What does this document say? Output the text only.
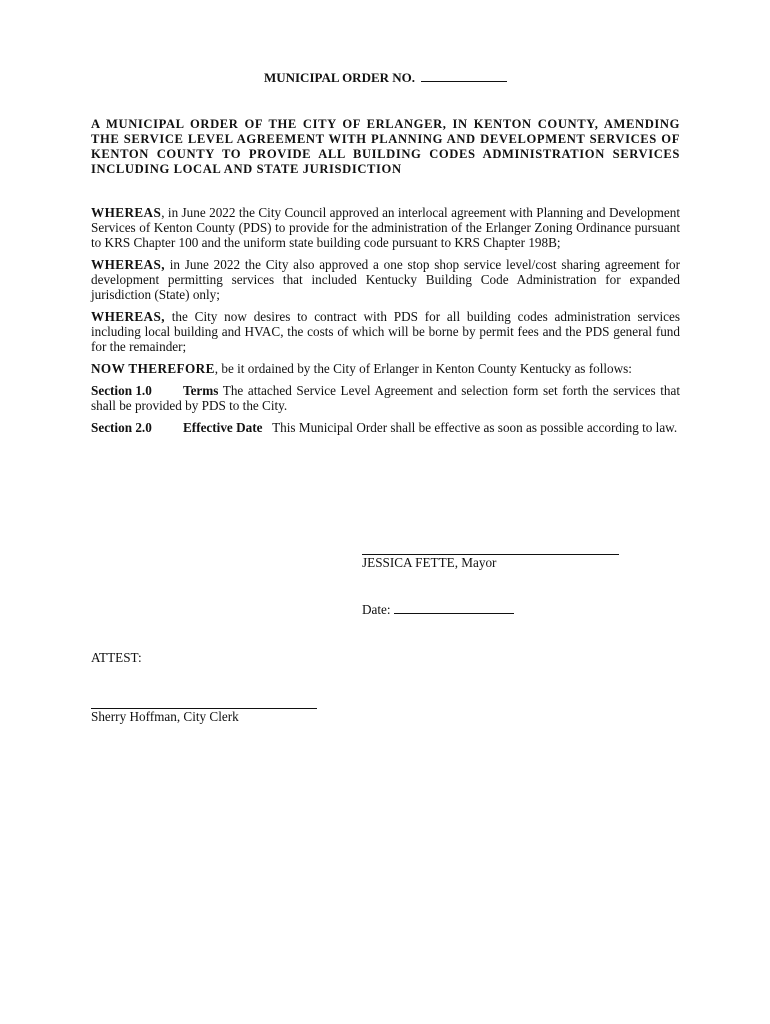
MUNICIPAL ORDER NO.
A MUNICIPAL ORDER OF THE CITY OF ERLANGER, IN KENTON COUNTY, AMENDING THE SERVICE LEVEL AGREEMENT WITH PLANNING AND DEVELOPMENT SERVICES OF KENTON COUNTY TO PROVIDE ALL BUILDING CODES ADMINISTRATION SERVICES INCLUDING LOCAL AND STATE JURISDICTION

WHEREAS, in June 2022 the City Council approved an interlocal agreement with Planning and Development Services of Kenton County (PDS) to provide for the administration of the Erlanger Zoning Ordinance pursuant to KRS Chapter 100 and the uniform state building code pursuant to KRS Chapter 198B;

WHEREAS, in June 2022 the City also approved a one stop shop service level/cost sharing agreement for development permitting services that included Kentucky Building Code Administration for expanded jurisdiction (State) only;

WHEREAS, the City now desires to contract with PDS for all building codes administration services including local building and HVAC, the costs of which will be borne by permit fees and the PDS general fund for the remainder;

NOW THEREFORE, be it ordained by the City of Erlanger in Kenton County Kentucky as follows:

Section 1.0 Terms The attached Service Level Agreement and selection form set forth the services that shall be provided by PDS to the City.

Section 2.0 Effective Date   This Municipal Order shall be effective as soon as possible according to law.

JESSICA FETTE, Mayor
Date:
ATTEST:
Sherry Hoffman, City Clerk
